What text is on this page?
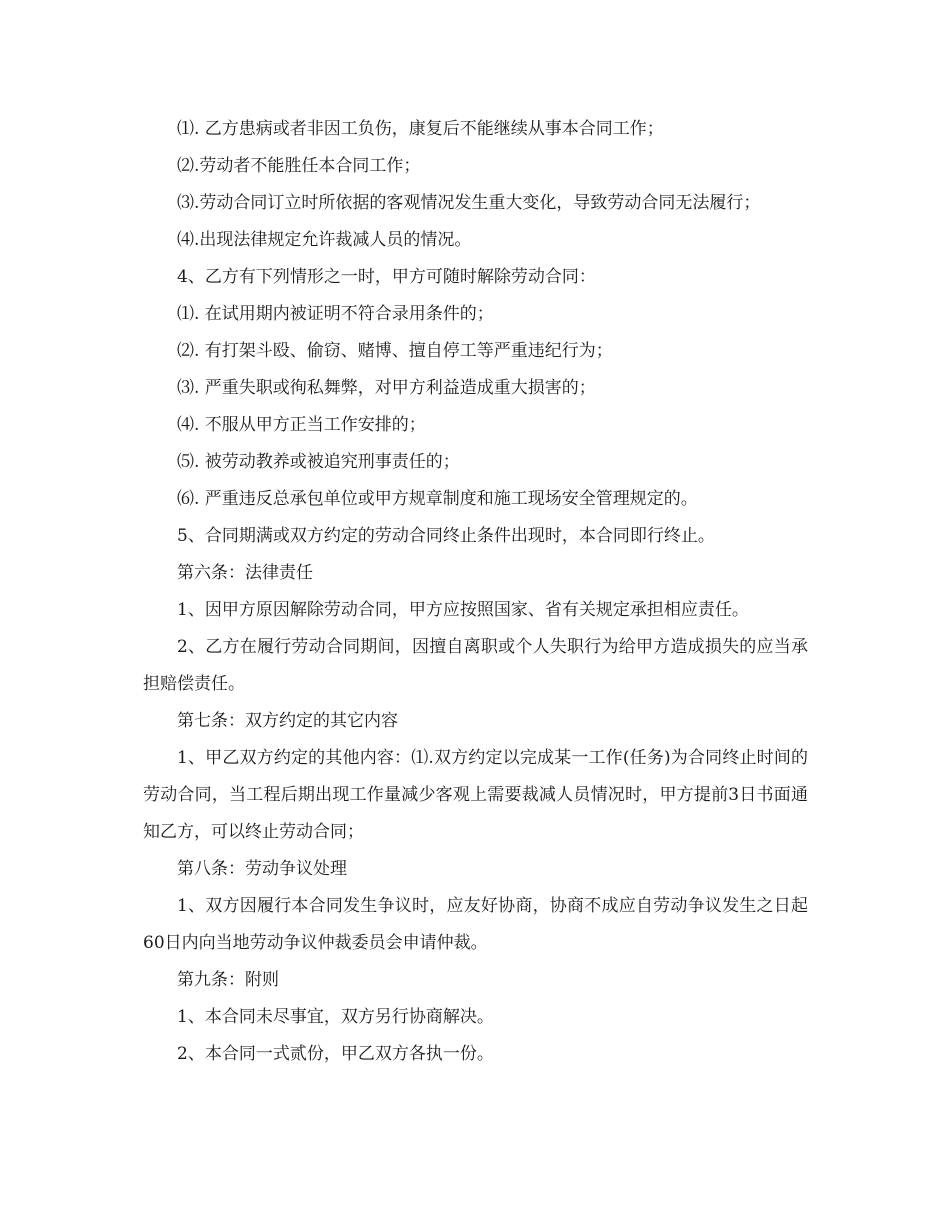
⑴. 乙方患病或者非因工负伤，康复后不能继续从事本合同工作；

⑵.劳动者不能胜任本合同工作；

⑶.劳动合同订立时所依据的客观情况发生重大变化，导致劳动合同无法履行；

⑷.出现法律规定允许裁减人员的情况。

4、乙方有下列情形之一时，甲方可随时解除劳动合同：

⑴. 在试用期内被证明不符合录用条件的；

⑵. 有打架斗殴、偷窃、赌博、擅自停工等严重违纪行为；

⑶. 严重失职或徇私舞弊，对甲方利益造成重大损害的；

⑷. 不服从甲方正当工作安排的；

⑸. 被劳动教养或被追究刑事责任的；

⑹. 严重违反总承包单位或甲方规章制度和施工现场安全管理规定的。

5、合同期满或双方约定的劳动合同终止条件出现时，本合同即行终止。

第六条：法律责任

1、因甲方原因解除劳动合同，甲方应按照国家、省有关规定承担相应责任。

2、乙方在履行劳动合同期间，因擅自离职或个人失职行为给甲方造成损失的应当承担赔偿责任。

第七条：双方约定的其它内容

1、甲乙双方约定的其他内容：⑴.双方约定以完成某一工作(任务)为合同终止时间的劳动合同，当工程后期出现工作量减少客观上需要裁减人员情况时，甲方提前3日书面通知乙方，可以终止劳动合同；

第八条：劳动争议处理

1、双方因履行本合同发生争议时，应友好协商，协商不成应自劳动争议发生之日起60日内向当地劳动争议仲裁委员会申请仲裁。

第九条：附则

1、本合同未尽事宜，双方另行协商解决。

2、本合同一式贰份，甲乙双方各执一份。
